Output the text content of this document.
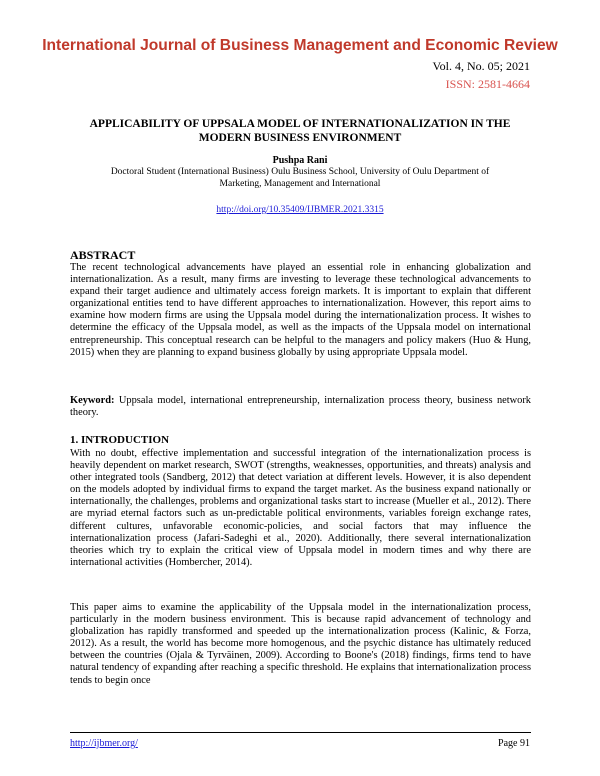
International Journal of Business Management and Economic Review
Vol. 4, No. 05; 2021
ISSN: 2581-4664
APPLICABILITY OF UPPSALA MODEL OF INTERNATIONALIZATION IN THE MODERN BUSINESS ENVIRONMENT
Pushpa Rani
Doctoral Student (International Business) Oulu Business School, University of Oulu Department of Marketing, Management and International
http://doi.org/10.35409/IJBMER.2021.3315
ABSTRACT
The recent technological advancements have played an essential role in enhancing globalization and internationalization. As a result, many firms are investing to leverage these technological advancements to expand their target audience and ultimately access foreign markets. It is important to explain that different organizational entities tend to have different approaches to internationalization. However, this report aims to examine how modern firms are using the Uppsala model during the internationalization process. It wishes to determine the efficacy of the Uppsala model, as well as the impacts of the Uppsala model on international entrepreneurship. This conceptual research can be helpful to the managers and policy makers (Huo & Hung, 2015) when they are planning to expand business globally by using appropriate Uppsala model.
Keyword: Uppsala model, international entrepreneurship, internalization process theory, business network theory.
1. INTRODUCTION
With no doubt, effective implementation and successful integration of the internationalization process is heavily dependent on market research, SWOT (strengths, weaknesses, opportunities, and threats) analysis and other integrated tools (Sandberg, 2012) that detect variation at different levels. However, it is also dependent on the models adopted by individual firms to expand the target market. As the business expand nationally or internationally, the challenges, problems and organizational tasks start to increase (Mueller et al., 2012). There are myriad eternal factors such as un-predictable political environments, variables foreign exchange rates, different cultures, unfavorable economic-policies, and social factors that may influence the internationalization process (Jafari-Sadeghi et al., 2020). Additionally, there several internationalization theories which try to explain the critical view of Uppsala model in modern times and why there are international activities (Hombercher, 2014).
This paper aims to examine the applicability of the Uppsala model in the internationalization process, particularly in the modern business environment. This is because rapid advancement of technology and globalization has rapidly transformed and speeded up the internationalization process (Kalinic, & Forza, 2012). As a result, the world has become more homogenous, and the psychic distance has ultimately reduced between the countries (Ojala & Tyrväinen, 2009). According to Boone's (2018) findings, firms tend to have natural tendency of expanding after reaching a specific threshold. He explains that internationalization process tends to begin once
http://ijbmer.org/	Page 91
